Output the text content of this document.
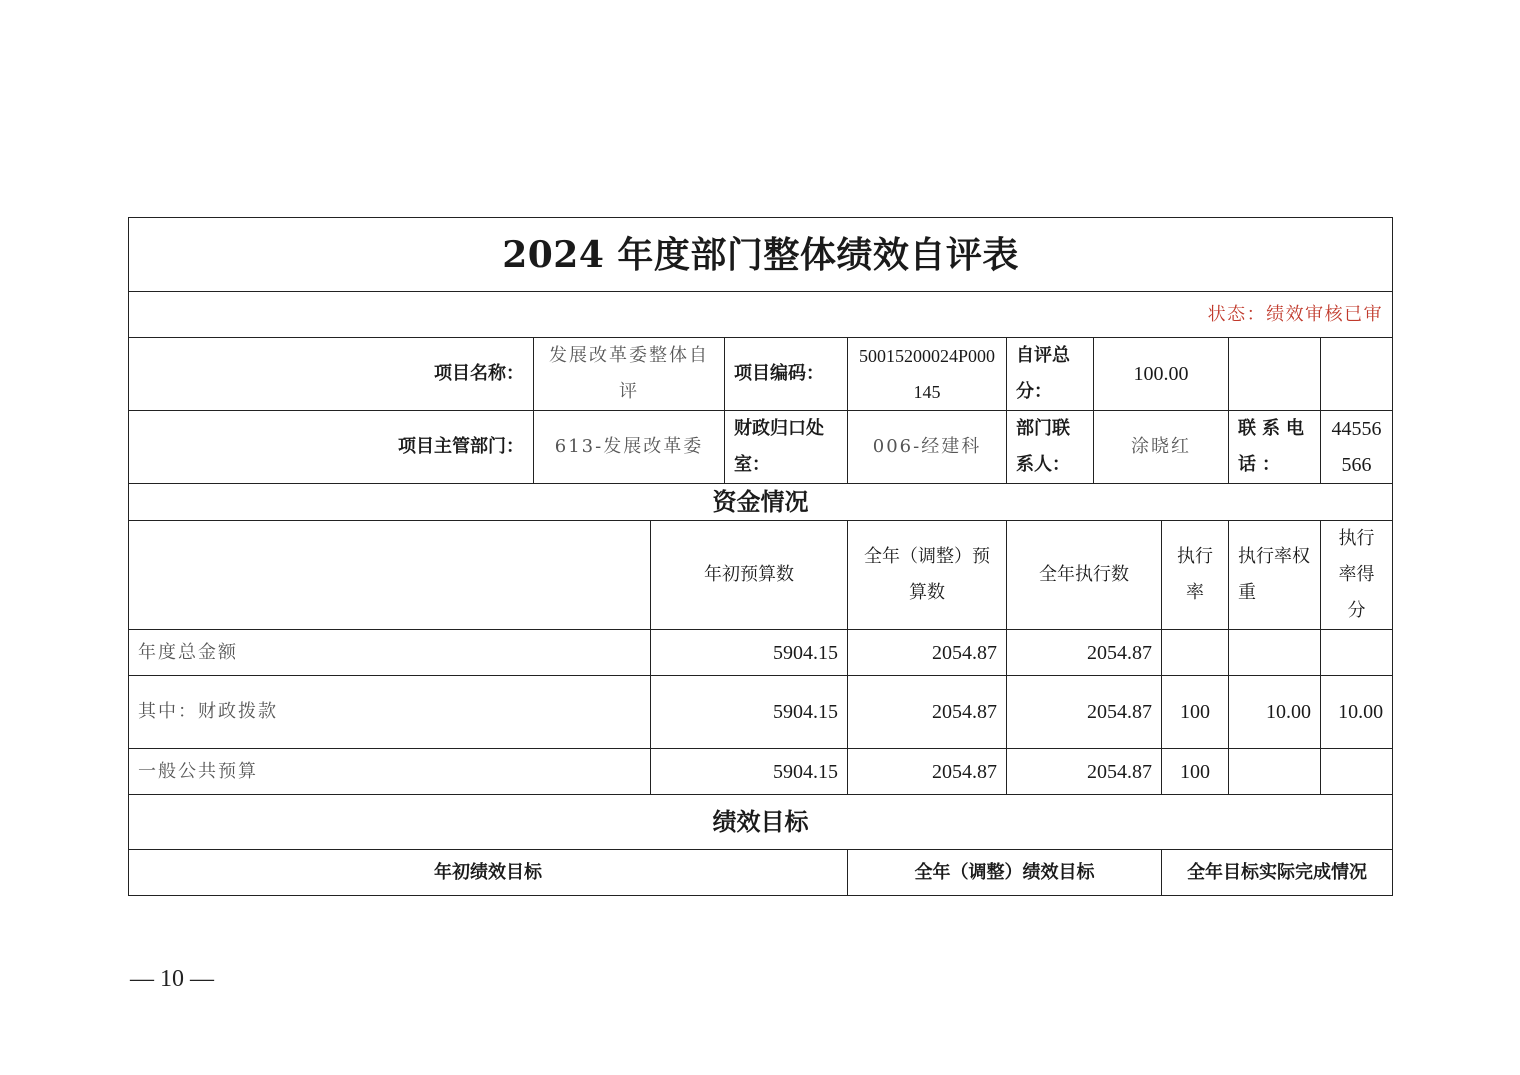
2024 年度部门整体绩效自评表									
状态：绩效审核已审									
项目名称：	发展改革委整体自评		项目编码：	50015200024P000145	自评总分：	100.00			
项目主管部门：	613-发展改革委		财政归口处室：	006-经建科	部门联系人：	涂晓红		联系电话：	44556566
资金情况									
		年初预算数		全年（调整）预算数	全年执行数		执行率	执行率权重	执行率得分
年度总金额		5904.15		2054.87	2054.87				
其中：财政拨款		5904.15		2054.87	2054.87		100	10.00	10.00
一般公共预算		5904.15		2054.87	2054.87		100		
绩效目标									
年初绩效目标				全年（调整）绩效目标			全年目标实际完成情况		
— 10 —
